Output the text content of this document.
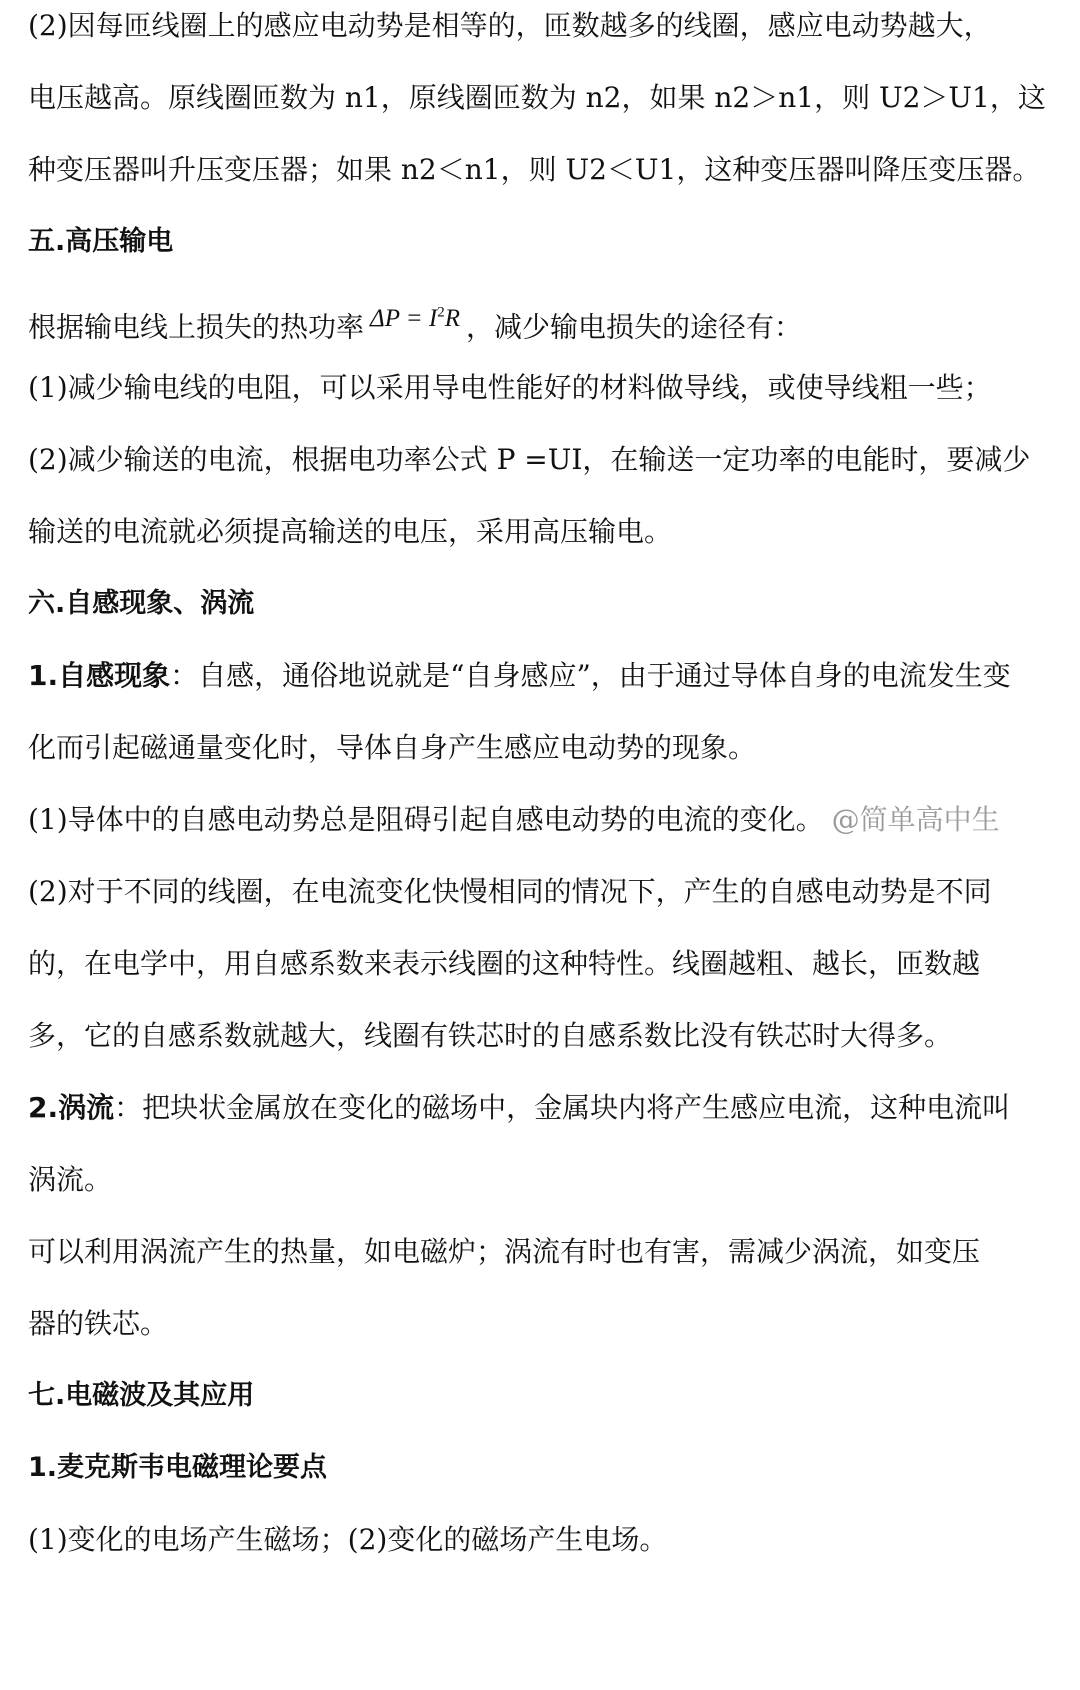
(2)因每匝线圈上的感应电动势是相等的，匝数越多的线圈，感应电动势越大，
电压越高。原线圈匝数为 n1，原线圈匝数为 n2，如果 n2＞n1，则 U2＞U1，这
种变压器叫升压变压器；如果 n2＜n1，则 U2＜U1，这种变压器叫降压变压器。
五.高压输电
根据输电线上损失的热功率 $\Delta P = I^2R$ ，减少输电损失的途径有：
(1)减少输电线的电阻，可以采用导电性能好的材料做导线，或使导线粗一些；
(2)减少输送的电流，根据电功率公式 P =UI，在输送一定功率的电能时，要减少
输送的电流就必须提高输送的电压，采用高压输电。
六.自感现象、涡流
1.自感现象：自感，通俗地说就是“自身感应”，由于通过导体自身的电流发生变
化而引起磁通量变化时，导体自身产生感应电动势的现象。
(1)导体中的自感电动势总是阻碍引起自感电动势的电流的变化。 @简单高中生
(2)对于不同的线圈，在电流变化快慢相同的情况下，产生的自感电动势是不同
的，在电学中，用自感系数来表示线圈的这种特性。线圈越粗、越长，匝数越
多，它的自感系数就越大，线圈有铁芯时的自感系数比没有铁芯时大得多。
2.涡流：把块状金属放在变化的磁场中，金属块内将产生感应电流，这种电流叫
涡流。
可以利用涡流产生的热量，如电磁炉；涡流有时也有害，需减少涡流，如变压
器的铁芯。
七.电磁波及其应用
1.麦克斯韦电磁理论要点
(1)变化的电场产生磁场；(2)变化的磁场产生电场。
